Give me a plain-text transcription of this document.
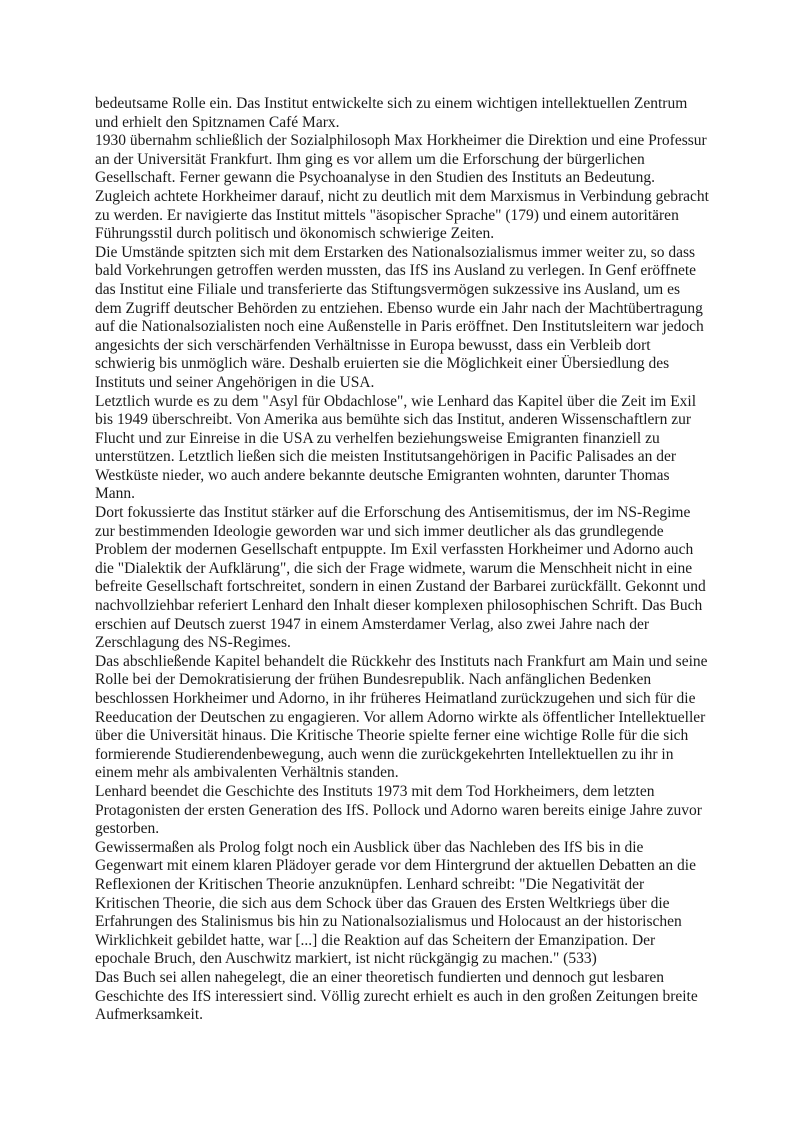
bedeutsame Rolle ein. Das Institut entwickelte sich zu einem wichtigen intellektuellen Zentrum und erhielt den Spitznamen Café Marx.

1930 übernahm schließlich der Sozialphilosoph Max Horkheimer die Direktion und eine Professur an der Universität Frankfurt. Ihm ging es vor allem um die Erforschung der bürgerlichen Gesellschaft. Ferner gewann die Psychoanalyse in den Studien des Instituts an Bedeutung.

Zugleich achtete Horkheimer darauf, nicht zu deutlich mit dem Marxismus in Verbindung gebracht zu werden. Er navigierte das Institut mittels "äsopischer Sprache" (179) und einem autoritären Führungsstil durch politisch und ökonomisch schwierige Zeiten.

Die Umstände spitzten sich mit dem Erstarken des Nationalsozialismus immer weiter zu, so dass bald Vorkehrungen getroffen werden mussten, das IfS ins Ausland zu verlegen. In Genf eröffnete das Institut eine Filiale und transferierte das Stiftungsvermögen sukzessive ins Ausland, um es dem Zugriff deutscher Behörden zu entziehen. Ebenso wurde ein Jahr nach der Machtübertragung auf die Nationalsozialisten noch eine Außenstelle in Paris eröffnet. Den Institutsleitern war jedoch angesichts der sich verschärfenden Verhältnisse in Europa bewusst, dass ein Verbleib dort schwierig bis unmöglich wäre. Deshalb eruierten sie die Möglichkeit einer Übersiedlung des Instituts und seiner Angehörigen in die USA.

Letztlich wurde es zu dem "Asyl für Obdachlose", wie Lenhard das Kapitel über die Zeit im Exil bis 1949 überschreibt. Von Amerika aus bemühte sich das Institut, anderen Wissenschaftlern zur Flucht und zur Einreise in die USA zu verhelfen beziehungsweise Emigranten finanziell zu unterstützen. Letztlich ließen sich die meisten Institutsangehörigen in Pacific Palisades an der Westküste nieder, wo auch andere bekannte deutsche Emigranten wohnten, darunter Thomas Mann.

Dort fokussierte das Institut stärker auf die Erforschung des Antisemitismus, der im NS-Regime zur bestimmenden Ideologie geworden war und sich immer deutlicher als das grundlegende Problem der modernen Gesellschaft entpuppte. Im Exil verfassten Horkheimer und Adorno auch die "Dialektik der Aufklärung", die sich der Frage widmete, warum die Menschheit nicht in eine befreite Gesellschaft fortschreitet, sondern in einen Zustand der Barbarei zurückfällt. Gekonnt und nachvollziehbar referiert Lenhard den Inhalt dieser komplexen philosophischen Schrift. Das Buch erschien auf Deutsch zuerst 1947 in einem Amsterdamer Verlag, also zwei Jahre nach der Zerschlagung des NS-Regimes.

Das abschließende Kapitel behandelt die Rückkehr des Instituts nach Frankfurt am Main und seine Rolle bei der Demokratisierung der frühen Bundesrepublik. Nach anfänglichen Bedenken beschlossen Horkheimer und Adorno, in ihr früheres Heimatland zurückzugehen und sich für die Reeducation der Deutschen zu engagieren. Vor allem Adorno wirkte als öffentlicher Intellektueller über die Universität hinaus. Die Kritische Theorie spielte ferner eine wichtige Rolle für die sich formierende Studierendenbewegung, auch wenn die zurückgekehrten Intellektuellen zu ihr in einem mehr als ambivalenten Verhältnis standen.

Lenhard beendet die Geschichte des Instituts 1973 mit dem Tod Horkheimers, dem letzten Protagonisten der ersten Generation des IfS. Pollock und Adorno waren bereits einige Jahre zuvor gestorben.

Gewissermaßen als Prolog folgt noch ein Ausblick über das Nachleben des IfS bis in die Gegenwart mit einem klaren Plädoyer gerade vor dem Hintergrund der aktuellen Debatten an die Reflexionen der Kritischen Theorie anzuknüpfen. Lenhard schreibt: "Die Negativität der Kritischen Theorie, die sich aus dem Schock über das Grauen des Ersten Weltkriegs über die Erfahrungen des Stalinismus bis hin zu Nationalsozialismus und Holocaust an der historischen Wirklichkeit gebildet hatte, war [...] die Reaktion auf das Scheitern der Emanzipation. Der epochale Bruch, den Auschwitz markiert, ist nicht rückgängig zu machen." (533)

Das Buch sei allen nahegelegt, die an einer theoretisch fundierten und dennoch gut lesbaren Geschichte des IfS interessiert sind. Völlig zurecht erhielt es auch in den großen Zeitungen breite Aufmerksamkeit.
